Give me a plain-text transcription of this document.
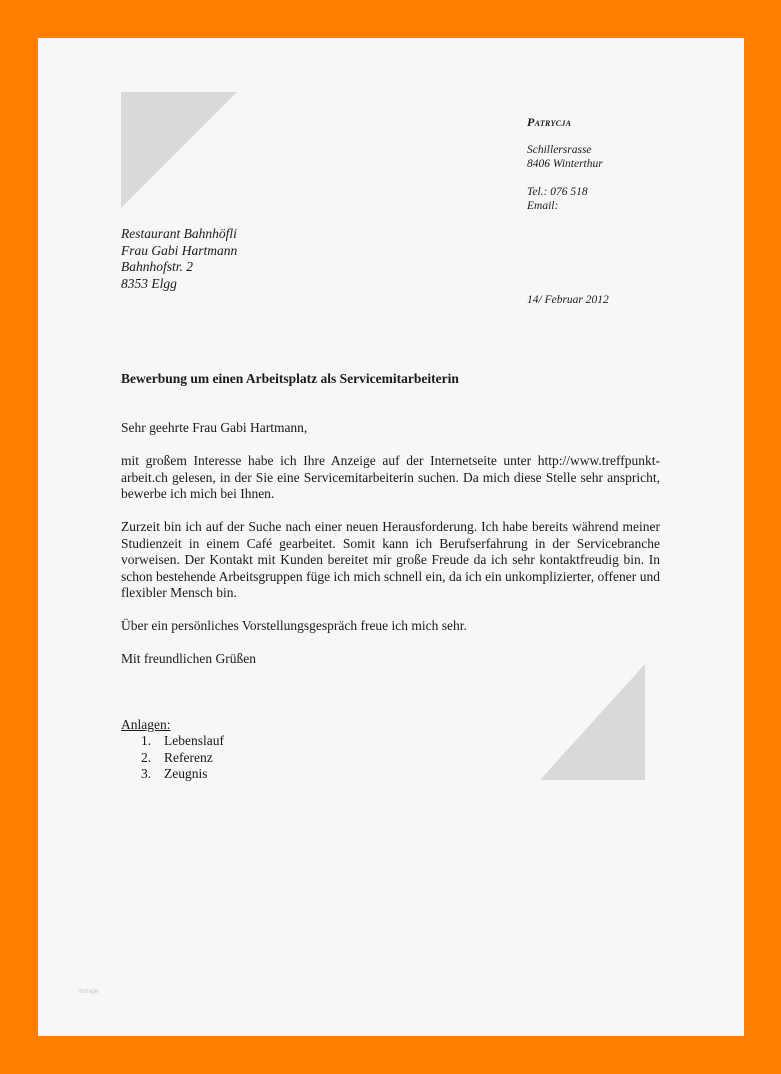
Patrycja
Schillersrasse
8406 Winterthur
Tel.: 076 518
Email:
Restaurant Bahnhöfli
Frau Gabi Hartmann
Bahnhofstr. 2
8353 Elgg
14/ Februar 2012
Bewerbung um einen Arbeitsplatz als Servicemitarbeiterin

Sehr geehrte Frau Gabi Hartmann,

mit großem Interesse habe ich Ihre Anzeige auf der Internetseite unter http://www.treffpunkt-arbeit.ch gelesen, in der Sie eine Servicemitarbeiterin suchen. Da mich diese Stelle sehr anspricht, bewerbe ich mich bei Ihnen.

Zurzeit bin ich auf der Suche nach einer neuen Herausforderung. Ich habe bereits während meiner Studienzeit in einem Café gearbeitet. Somit kann ich Berufserfahrung in der Servicebranche vorweisen. Der Kontakt mit Kunden bereitet mir große Freude da ich sehr kontaktfreudig bin. In schon bestehende Arbeitsgruppen füge ich mich schnell ein, da ich ein unkomplizierter, offener und flexibler Mensch bin.

Über ein persönliches Vorstellungsgespräch freue ich mich sehr.

Mit freundlichen Grüßen

Anlagen:
1. Lebenslauf
2. Referenz
3. Zeugnis
Vorlage
